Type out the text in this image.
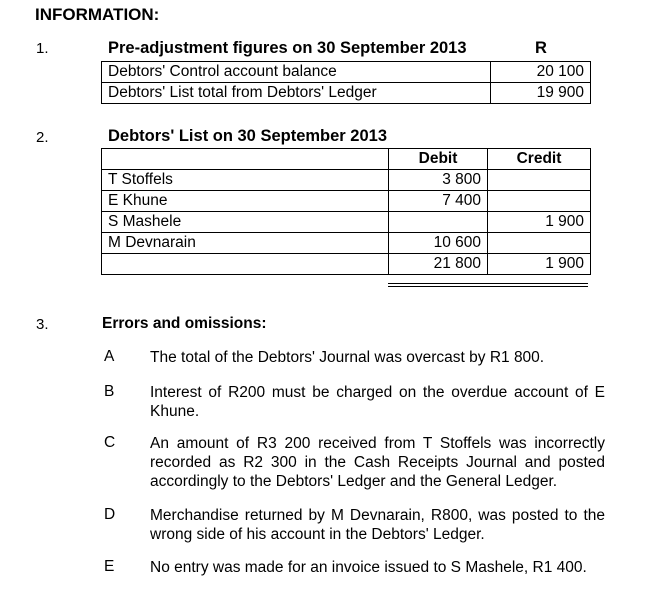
INFORMATION:
1.	Pre-adjustment figures on 30 September 2013	R
Debtors' Control account balance	20 100
Debtors' List total from Debtors' Ledger	19 900
2.	Debtors' List on 30 September 2013
	Debit	Credit
T Stoffels	3 800	
E Khune	7 400	
S Mashele		1 900
M Devnarain	10 600	
	21 800	1 900
3.	Errors and omissions:
A The total of the Debtors' Journal was overcast by R1 800.
B Interest of R200 must be charged on the overdue account of E Khune.
C An amount of R3 200 received from T Stoffels was incorrectly recorded as R2 300 in the Cash Receipts Journal and posted accordingly to the Debtors' Ledger and the General Ledger.
D Merchandise returned by M Devnarain, R800, was posted to the wrong side of his account in the Debtors' Ledger.
E No entry was made for an invoice issued to S Mashele, R1 400.
